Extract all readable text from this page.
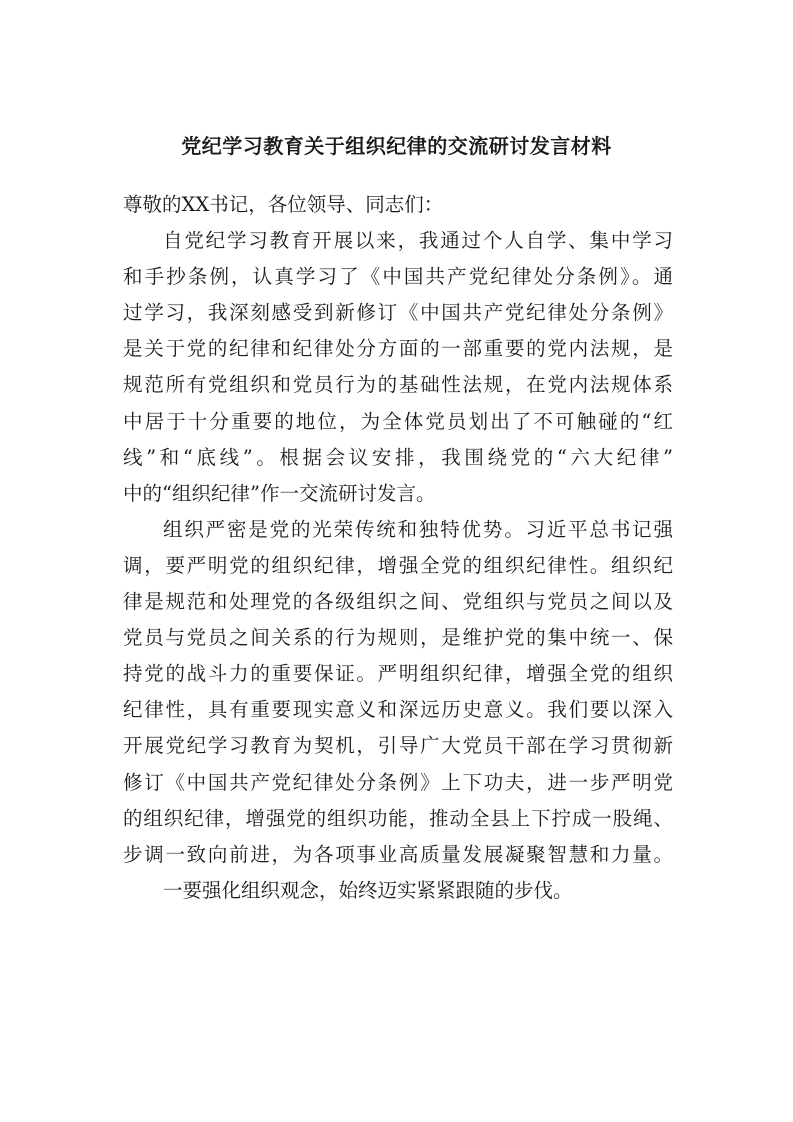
党纪学习教育关于组织纪律的交流研讨发言材料
尊敬的XX书记，各位领导、同志们：
自党纪学习教育开展以来，我通过个人自学、集中学习
和手抄条例，认真学习了《中国共产党纪律处分条例》。通
过学习，我深刻感受到新修订《中国共产党纪律处分条例》
是关于党的纪律和纪律处分方面的一部重要的党内法规，是
规范所有党组织和党员行为的基础性法规，在党内法规体系
中居于十分重要的地位，为全体党员划出了不可触碰的“红
线”和“底线”。根据会议安排，我围绕党的“六大纪律”
中的“组织纪律”作一交流研讨发言。
组织严密是党的光荣传统和独特优势。习近平总书记强
调，要严明党的组织纪律，增强全党的组织纪律性。组织纪
律是规范和处理党的各级组织之间、党组织与党员之间以及
党员与党员之间关系的行为规则，是维护党的集中统一、保
持党的战斗力的重要保证。严明组织纪律，增强全党的组织
纪律性，具有重要现实意义和深远历史意义。我们要以深入
开展党纪学习教育为契机，引导广大党员干部在学习贯彻新
修订《中国共产党纪律处分条例》上下功夫，进一步严明党
的组织纪律，增强党的组织功能，推动全县上下拧成一股绳、
步调一致向前进，为各项事业高质量发展凝聚智慧和力量。
一要强化组织观念，始终迈实紧紧跟随的步伐。
